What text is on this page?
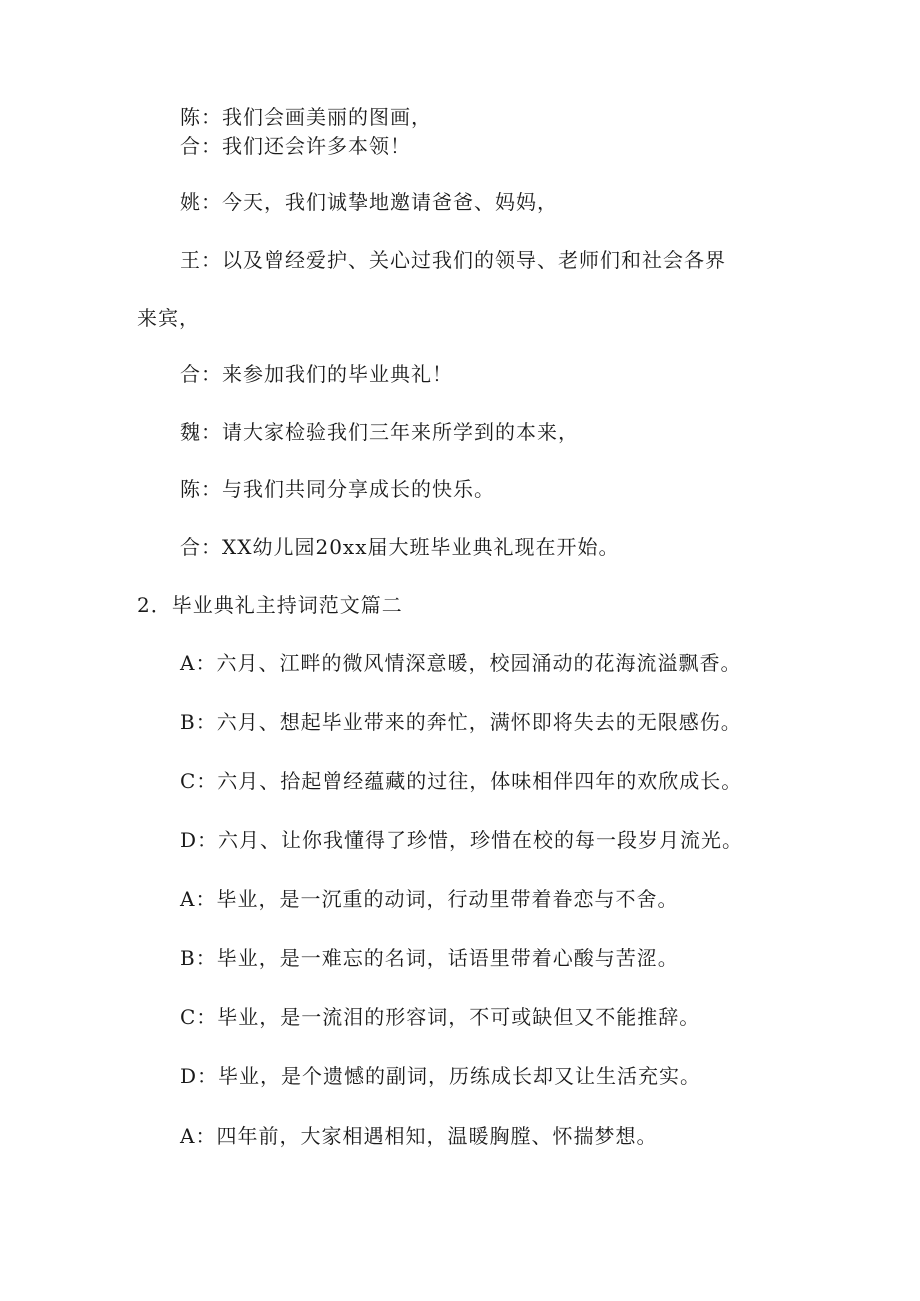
陈：我们会画美丽的图画，
合：我们还会许多本领！
姚：今天，我们诚挚地邀请爸爸、妈妈，
王：以及曾经爱护、关心过我们的领导、老师们和社会各界
来宾，
合：来参加我们的毕业典礼！
魏：请大家检验我们三年来所学到的本来，
陈：与我们共同分享成长的快乐。
合：XX幼儿园20xx届大班毕业典礼现在开始。
2．毕业典礼主持词范文篇二
A：六月、江畔的微风情深意暖，校园涌动的花海流溢飘香。
B：六月、想起毕业带来的奔忙，满怀即将失去的无限感伤。
C：六月、拾起曾经蕴藏的过往，体味相伴四年的欢欣成长。
D：六月、让你我懂得了珍惜，珍惜在校的每一段岁月流光。
A：毕业，是一沉重的动词，行动里带着眷恋与不舍。
B：毕业，是一难忘的名词，话语里带着心酸与苦涩。
C：毕业，是一流泪的形容词，不可或缺但又不能推辞。
D：毕业，是个遗憾的副词，历练成长却又让生活充实。
A：四年前，大家相遇相知，温暖胸膛、怀揣梦想。
